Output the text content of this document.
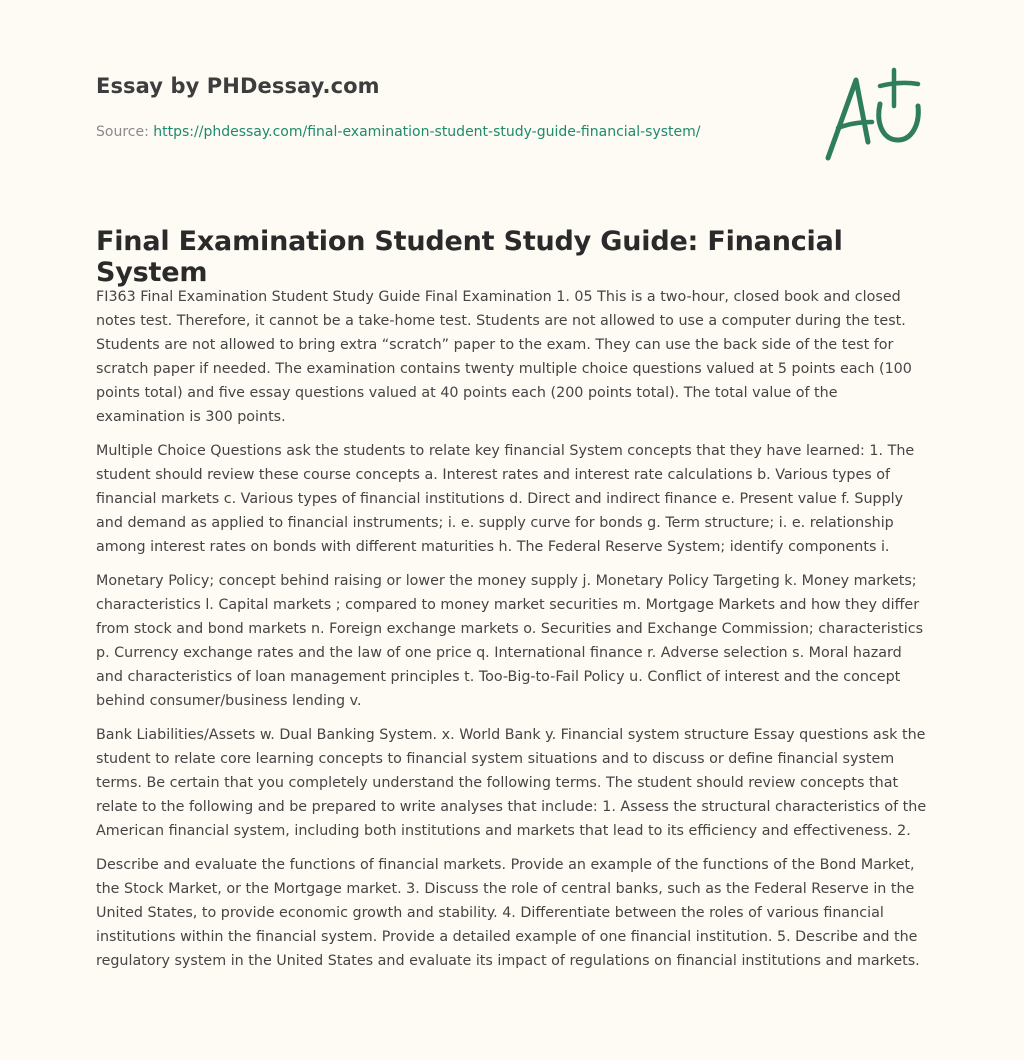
Essay by PHDessay.com
Source: https://phdessay.com/final-examination-student-study-guide-financial-system/
Final Examination Student Study Guide: Financial System

FI363 Final Examination Student Study Guide Final Examination 1. 05 This is a two-hour, closed book and closed notes test. Therefore, it cannot be a take-home test. Students are not allowed to use a computer during the test. Students are not allowed to bring extra “scratch” paper to the exam. They can use the back side of the test for scratch paper if needed. The examination contains twenty multiple choice questions valued at 5 points each (100 points total) and five essay questions valued at 40 points each (200 points total). The total value of the examination is 300 points.

Multiple Choice Questions ask the students to relate key financial System concepts that they have learned: 1. The student should review these course concepts a. Interest rates and interest rate calculations b. Various types of financial markets c. Various types of financial institutions d. Direct and indirect finance e. Present value f. Supply and demand as applied to financial instruments; i. e. supply curve for bonds g. Term structure; i. e. relationship among interest rates on bonds with different maturities h. The Federal Reserve System; identify components i.

Monetary Policy; concept behind raising or lower the money supply j. Monetary Policy Targeting k. Money markets; characteristics l. Capital markets ; compared to money market securities m. Mortgage Markets and how they differ from stock and bond markets n. Foreign exchange markets o. Securities and Exchange Commission; characteristics p. Currency exchange rates and the law of one price q. International finance r. Adverse selection s. Moral hazard and characteristics of loan management principles t. Too-Big-to-Fail Policy u. Conflict of interest and the concept behind consumer/business lending v.

Bank Liabilities/Assets w. Dual Banking System. x. World Bank y. Financial system structure Essay questions ask the student to relate core learning concepts to financial system situations and to discuss or define financial system terms. Be certain that you completely understand the following terms. The student should review concepts that relate to the following and be prepared to write analyses that include: 1. Assess the structural characteristics of the American financial system, including both institutions and markets that lead to its efficiency and effectiveness. 2.

Describe and evaluate the functions of financial markets. Provide an example of the functions of the Bond Market, the Stock Market, or the Mortgage market. 3. Discuss the role of central banks, such as the Federal Reserve in the United States, to provide economic growth and stability. 4. Differentiate between the roles of various financial institutions within the financial system. Provide a detailed example of one financial institution. 5. Describe and the regulatory system in the United States and evaluate its impact of regulations on financial institutions and markets.
